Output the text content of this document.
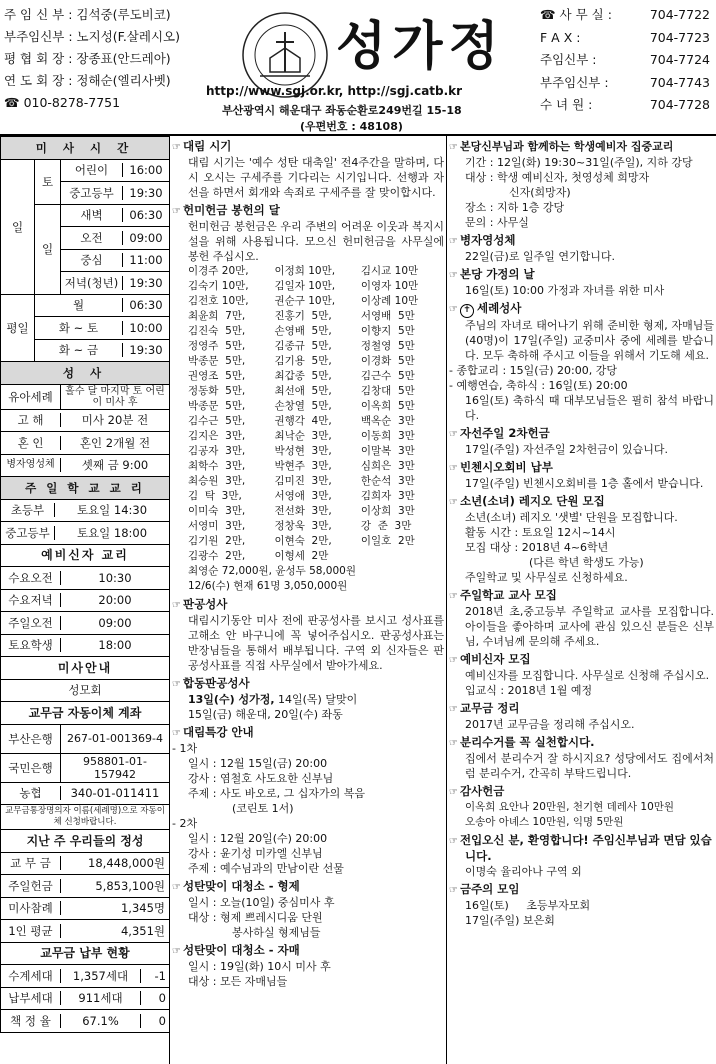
주 임 신 부 : 김석중(루도비코)
부주임신부 : 노지성(F.살레시오)
평 협 회 장 : 장종표(안드레아)
연 도 회 장 : 정해순(엘리사벳)
☎ 010-8278-7751
성가정
http://www.sgj.or.kr, http://sgj.catb.kr
부산광역시 해운대구 좌동순환로249번길 15-18
(우편번호 : 48108)
☎ 사 무 실 :	704-7722
F A X :	704-7723
주임신부 :	704-7724
부주임신부 :	704-7743
수 녀 원 :	704-7728
미 사 시 간		
일	토	어린이 16:00

		중고등부 19:30

	일	새벽 06:30

		오전 09:00

		중심 11:00

		저녁(청년) 19:30

평일	월 06:30	

	화 ~ 토 10:00	

	화 ~ 금 19:30	

성 사		

유아세례 홀수 달 마지막 토 어린이 미사 후		

고 해 미사 20분 전		

혼 인 혼인 2개월 전		

병자영성체 셋째 금 9:00		

주 일 학 교 교 리		

초등부 토요일 14:30		

중고등부 토요일 18:00		

예비신자 교리		

수요오전 10:30		

수요저녁 20:00		

주일오전 09:00		

토요학생 18:00		

미사안내		
성모회		
교무금 자동이체 계좌		

부산은행 267-01-001369-4		

국민은행 958801-01-157942		

농협 340-01-011411		

교무금통장명의자 이름(세례명)으로 자동이체 신청바랍니다.		
지난 주 우리들의 정성		

교 무 금 18,448,000원		

주일헌금 5,853,100원		

미사참례 1,345명		

1인 평균 4,351원		

교무금 납부 현황		

수계세대 1,357세대 -1		

납부세대 911세대 0		

책 정 율 67.1% 0		
☞ 대림 시기
대림 시기는 '예수 성탄 대축일' 전4주간을 말하며, 다시 오시는 구세주를 기다리는 시기입니다. 선행과 자선을 하면서 회개와 속죄로 구세주를 잘 맞이합시다.
☞ 헌미헌금 봉헌의 달
헌미헌금 봉헌금은 우리 주변의 어려운 이웃과 복지시설을 위해 사용됩니다. 모으신 헌미헌금을 사무실에 봉헌 주십시오.
이경주 20만,	이정희 10만,	김시교 10만
김숙기 10만,	김일자 10만,	이영자 10만
김전호 10만,	권순구 10만,	이상례 10만
최윤희  7만,	진홍기  5만,	서영배  5만
김진숙  5만,	손영배  5만,	이향지  5만
정영주  5만,	김종규  5만,	정철영  5만
박종문  5만,	김기용  5만,	이경화  5만
권영조  5만,	최갑종  5만,	김근수  5만
정동화  5만,	최선애  5만,	김창대  5만
박종문  5만,	손창열  5만,	이옥희  5만
김수근  5만,	권행각  4만,	백옥순  3만
김지은  3만,	최낙순  3만,	이동희  3만
김공자  3만,	박성현  3만,	이말복  3만
최학수  3만,	박현주  3만,	심희은  3만
최승원  3만,	김미진  3만,	한순석  3만
김  탁  3만,	서영애  3만,	김희자  3만
이미숙  3만,	전선화  3만,	이상희  3만
서영미  3만,	정창욱  3만,	강  준  3만
김기원  2만,	이현숙  2만,	이일호  2만
김광수  2만,	이형세  2만
최영순 72,000원, 윤성두 58,000원
12/6(수) 현재 61명 3,050,000원
☞ 판공성사
대림시기동안 미사 전에 판공성사를 보시고 성사표를 고해소 안 바구니에 꼭 넣어주십시오. 판공성사표는 반장님들을 통해서 배부됩니다. 구역 외 신자들은 판공성사표를 직접 사무실에서 받아가세요.
☞ 합동판공성사
13일(수) 성가정, 14일(목) 달맞이
15일(금) 해운대, 20일(수) 좌동
☞ 대림특강 안내
- 1차
일시 : 12월 15일(금) 20:00
강사 : 염철호 사도요한 신부님
주제 : 사도 바오로, 그 십자가의 복음
(코린토 1서)
- 2차
일시 : 12월 20일(수) 20:00
강사 : 윤기성 미카엘 신부님
주제 : 예수님과의 만남이란 선물
☞ 성탄맞이 대청소 - 형제
일시 : 오늘(10일) 중심미사 후
대상 : 형제 쁘레시디움 단원
봉사하실 형제님들
☞ 성탄맞이 대청소 - 자매
일시 : 19일(화) 10시 미사 후
대상 : 모든 자매님들
☞ 본당신부님과 함께하는 학생예비자 집중교리
기간 : 12일(화) 19:30~31일(주일), 지하 강당
대상 : 학생 예비신자, 첫영성체 희망자
신자(희망자)
장소 : 지하 1층 강당
문의 : 사무실
☞ 병자영성체
22일(금)로 일주일 연기합니다.
☞ 본당 가정의 날
16일(토) 10:00 가정과 자녀를 위한 미사
☞ ✝ 세례성사
주님의 자녀로 태어나기 위해 준비한 형제, 자매님들(40명)이 17일(주일) 교중미사 중에 세례를 받습니다. 모두 축하해 주시고 이들을 위해서 기도해 세요.
- 종합교리 : 15일(금) 20:00, 강당
- 예행연습, 축하식 : 16일(토) 20:00
16일(토) 축하식 때 대부모님들은 필히 참석 바랍니다.
☞ 자선주일 2차헌금
17일(주일) 자선주일 2차헌금이 있습니다.
☞ 빈첸시오회비 납부
17일(주일) 빈첸시오회비를 1층 홀에서 받습니다.
☞ 소년(소녀) 레지오 단원 모집
소년(소녀) 레지오 '샛별' 단원을 모집합니다.
활동 시간 : 토요일 12시~14시
모집 대상 : 2018년 4~6학년
(다른 학년 학생도 가능)
주일학교 및 사무실로 신청하세요.
☞ 주일학교 교사 모집
2018년 초,중고등부 주일학교 교사를 모집합니다. 아이들을 좋아하며 교사에 관심 있으신 분들은 신부님, 수녀님께 문의해 주세요.
☞ 예비신자 모집
예비신자를 모집합니다. 사무실로 신청해 주십시오.
입교식 : 2018년 1월 예정
☞ 교무금 정리
2017년 교무금을 정리해 주십시오.
☞ 분리수거를 꼭 실천합시다.
집에서 분리수거 잘 하시지요? 성당에서도 집에서처럼 분리수거, 간곡히 부탁드립니다.
☞ 감사헌금
이옥희 요안나 20만원, 천기현 데레사 10만원
오송아 아녜스 10만원, 익명 5만원
☞ 전입오신 분, 환영합니다! 주임신부님과 면담 있습니다.
이명숙 율리아나 구역 외
☞ 금주의 모임
16일(토)     초등부자모회
17일(주일) 보은회
